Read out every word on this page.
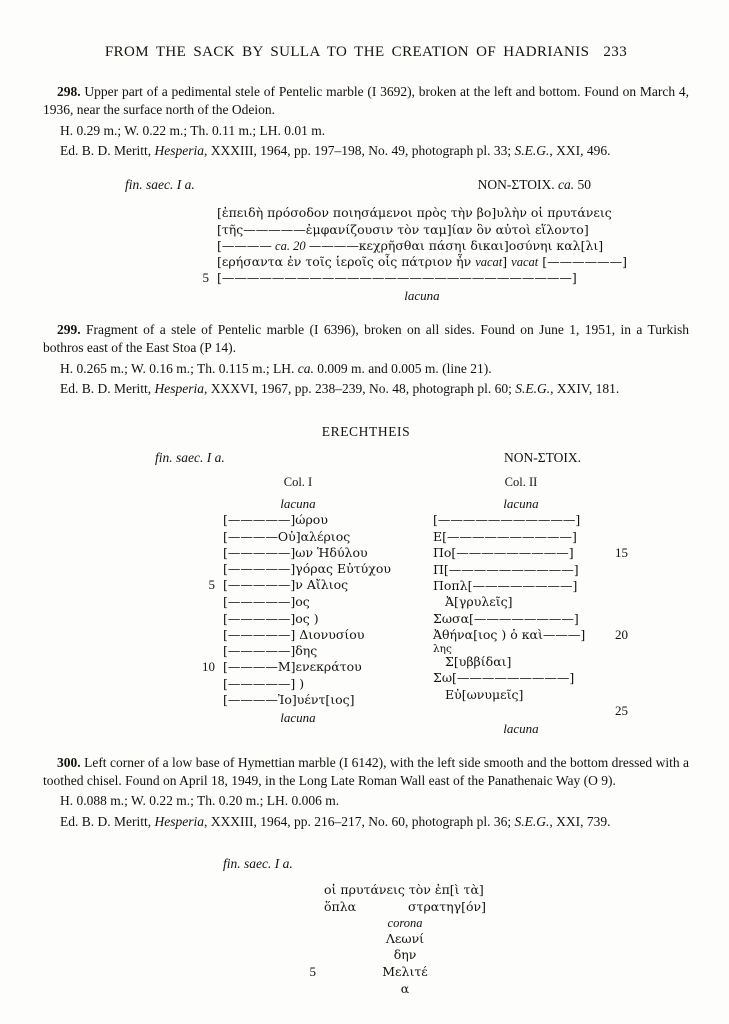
FROM THE SACK BY SULLA TO THE CREATION OF HADRIANIS 233

298. Upper part of a pedimental stele of Pentelic marble (I 3692), broken at the left and bottom. Found on March 4, 1936, near the surface north of the Odeion.

H. 0.29 m.; W. 0.22 m.; Th. 0.11 m.; LH. 0.01 m.

Ed. B. D. Meritt, Hesperia, XXXIII, 1964, pp. 197–198, No. 49, photograph pl. 33; S.E.G., XXI, 496.

fin. saec. I a.	ΝΟΝ-ΣΤΟΙΧ. ca. 50
[ἐπειδὴ πρόσοδον ποιησάμενοι πρὸς τὴν βο]υλὴν οἱ πρυτάνεις
[τῆς—————ἐμφανίζουσιν τὸν ταμ]ίαν ὃν αὐτοὶ εἵλοντο]
[———— ca. 20 ————κεχρῆσθαι πάσηι δικαι]οσύνηι καλ[λι]
[ερήσαντα ἐν τοῖς ἱεροῖς οἷς πάτριον ἦν vacat] vacat [——————]
5 [————————————————————————————]
lacuna

299. Fragment of a stele of Pentelic marble (I 6396), broken on all sides. Found on June 1, 1951, in a Turkish bothros east of the East Stoa (P 14).

H. 0.265 m.; W. 0.16 m.; Th. 0.115 m.; LH. ca. 0.009 m. and 0.005 m. (line 21).

Ed. B. D. Meritt, Hesperia, XXXVI, 1967, pp. 238–239, No. 48, photograph pl. 60; S.E.G., XXIV, 181.

ERECHTHEIS
fin. saec. I a.	ΝΟΝ-ΣΤΟΙΧ.
Col. I
lacuna
[—————]ώρου
[————Οὐ]αλέριος
[—————]ων Ἡδύλου
[—————]γόρας Εὐτύχου
5 [—————]ν Αἴλιος
[—————]ος
[—————]ος )
[—————] Διονυσίου
[—————]δης
10 [————Μ]ενεκράτου
[—————] )
[————Ἰο]υέντ[ιος]
lacuna
Col. II
lacuna
[———————————]
Ε[——————————]
Πο[—————————]	15
Π[——————————]
Ποπλ[————————]
Ἀ[γρυλεῖς]
Σωσα[————————]
Ἀθήνα[ιος ) ὁ καὶ———]	20
λης
Σ[υββίδαι]
Σω[—————————]
Εὐ[ωνυμεῖς]
25
lacuna

300. Left corner of a low base of Hymettian marble (I 6142), with the left side smooth and the bottom dressed with a toothed chisel. Found on April 18, 1949, in the Long Late Roman Wall east of the Panathenaic Way (O 9).

H. 0.088 m.; W. 0.22 m.; Th. 0.20 m.; LH. 0.006 m.

Ed. B. D. Meritt, Hesperia, XXXIII, 1964, pp. 216–217, No. 60, photograph pl. 36; S.E.G., XXI, 739.

fin. saec. I a.
οἱ πρυτάνεις τὸν ἐπ[ὶ τὰ]
ὅπλα	στρατηγ[όν]
corona
Λεωνί
δην
5	Μελιτέ
α
